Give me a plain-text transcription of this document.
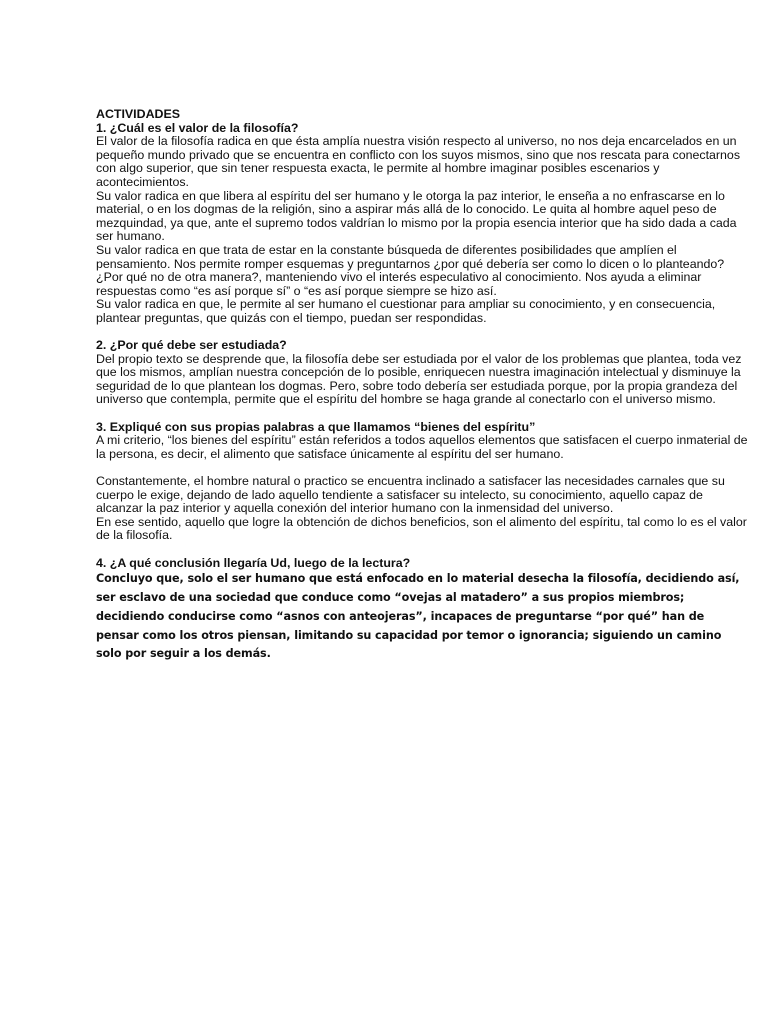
ACTIVIDADES

1. ¿Cuál es el valor de la filosofía?

El valor de la filosofía radica en que ésta amplía nuestra visión respecto al universo, no nos deja encarcelados en un pequeño mundo privado que se encuentra en conflicto con los suyos mismos, sino que nos rescata para conectarnos con algo superior, que sin tener respuesta exacta, le permite al hombre imaginar posibles escenarios y acontecimientos.

Su valor radica en que libera al espíritu del ser humano y le otorga la paz interior, le enseña a no enfrascarse en lo material, o en los dogmas de la religión, sino a aspirar más allá de lo conocido. Le quita al hombre aquel peso de mezquindad, ya que, ante el supremo todos valdrían lo mismo por la propia esencia interior que ha sido dada a cada ser humano.

Su valor radica en que trata de estar en la constante búsqueda de diferentes posibilidades que amplíen el pensamiento. Nos permite romper esquemas y preguntarnos ¿por qué debería ser como lo dicen o lo planteando? ¿Por qué no de otra manera?, manteniendo vivo el interés especulativo al conocimiento. Nos ayuda a eliminar respuestas como “es así porque sí” o “es así porque siempre se hizo así.

Su valor radica en que, le permite al ser humano el cuestionar para ampliar su conocimiento, y en consecuencia, plantear preguntas, que quizás con el tiempo, puedan ser respondidas.

2. ¿Por qué debe ser estudiada?

Del propio texto se desprende que, la filosofía debe ser estudiada por el valor de los problemas que plantea, toda vez que los mismos, amplían nuestra concepción de lo posible, enriquecen nuestra imaginación intelectual y disminuye la seguridad de lo que plantean los dogmas. Pero, sobre todo debería ser estudiada porque, por la propia grandeza del universo que contempla, permite que el espíritu del hombre se haga grande al conectarlo con el universo mismo.

3. Expliqué con sus propias palabras a que llamamos “bienes del espíritu”

A mi criterio, “los bienes del espíritu” están referidos a todos aquellos elementos que satisfacen el cuerpo inmaterial de la persona, es decir, el alimento que satisface únicamente al espíritu del ser humano.

Constantemente, el hombre natural o practico se encuentra inclinado a satisfacer las necesidades carnales que su cuerpo le exige, dejando de lado aquello tendiente a satisfacer su intelecto, su conocimiento, aquello capaz de alcanzar la paz interior y aquella conexión del interior humano con la inmensidad del universo.

En ese sentido, aquello que logre la obtención de dichos beneficios, son el alimento del espíritu, tal como lo es el valor de la filosofía.

4. ¿A qué conclusión llegaría Ud, luego de la lectura?

Concluyo que, solo el ser humano que está enfocado en lo material desecha la filosofía, decidiendo así, ser esclavo de una sociedad que conduce como “ovejas al matadero” a sus propios miembros; decidiendo conducirse como “asnos con anteojeras”, incapaces de preguntarse “por qué” han de pensar como los otros piensan, limitando su capacidad por temor o ignorancia; siguiendo un camino solo por seguir a los demás.
